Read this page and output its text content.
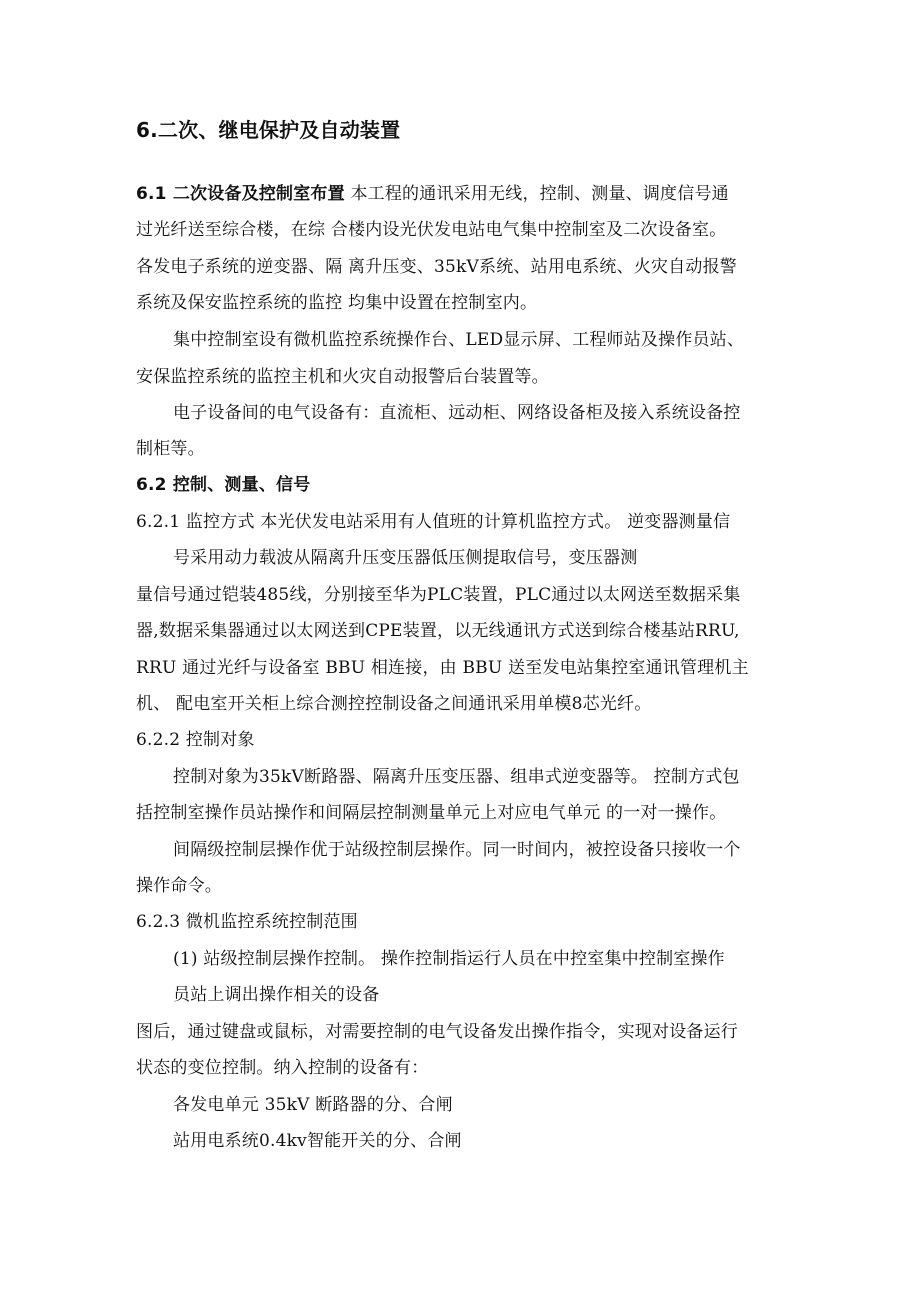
6.二次、继电保护及自动装置
6.1 二次设备及控制室布置 本工程的通讯采用无线，控制、测量、调度信号通
过光纤送至综合楼，在综 合楼内设光伏发电站电气集中控制室及二次设备室。
各发电子系统的逆变器、隔 离升压变、35kV系统、站用电系统、火灾自动报警
系统及保安监控系统的监控 均集中设置在控制室内。
集中控制室设有微机监控系统操作台、LED显示屏、工程师站及操作员站、
安保监控系统的监控主机和火灾自动报警后台装置等。
电子设备间的电气设备有：直流柜、远动柜、网络设备柜及接入系统设备控
制柜等。
6.2 控制、测量、信号
6.2.1 监控方式 本光伏发电站采用有人值班的计算机监控方式。 逆变器测量信
号采用动力载波从隔离升压变压器低压侧提取信号，变压器测
量信号通过铠装485线，分别接至华为PLC装置，PLC通过以太网送至数据采集
器,数据采集器通过以太网送到CPE装置，以无线通讯方式送到综合楼基站RRU,
RRU 通过光纤与设备室 BBU 相连接，由 BBU 送至发电站集控室通讯管理机主
机、 配电室开关柜上综合测控控制设备之间通讯采用单模8芯光纤。
6.2.2 控制对象
控制对象为35kV断路器、隔离升压变压器、组串式逆变器等。 控制方式包
括控制室操作员站操作和间隔层控制测量单元上对应电气单元 的一对一操作。
间隔级控制层操作优于站级控制层操作。同一时间内，被控设备只接收一个
操作命令。
6.2.3 微机监控系统控制范围
(1) 站级控制层操作控制。 操作控制指运行人员在中控室集中控制室操作
员站上调出操作相关的设备
图后，通过键盘或鼠标，对需要控制的电气设备发出操作指令，实现对设备运行
状态的变位控制。纳入控制的设备有：
各发电单元 35kV 断路器的分、合闸
站用电系统0.4kv智能开关的分、合闸
